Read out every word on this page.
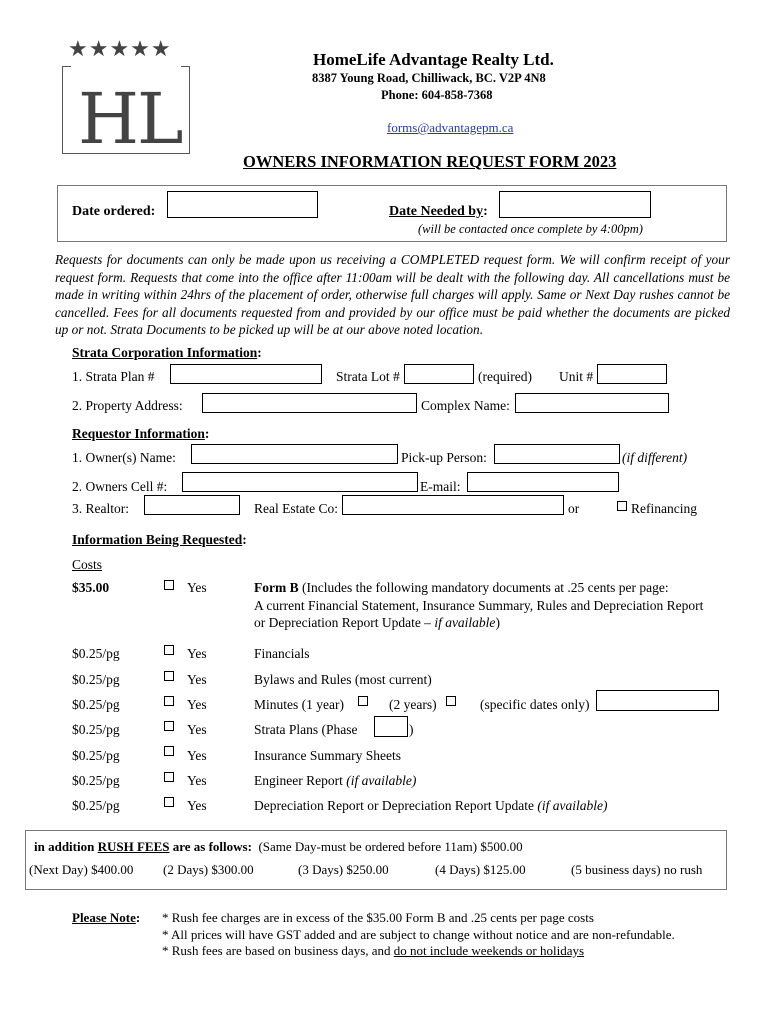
★★★★★
HL
HomeLife Advantage Realty Ltd.
8387 Young Road, Chilliwack, BC. V2P 4N8
Phone: 604-858-7368
forms@advantagepm.ca
OWNERS INFORMATION REQUEST FORM 2023
Date ordered:	Date Needed by:
(will be contacted once complete by 4:00pm)
Requests for documents can only be made upon us receiving a COMPLETED request form. We will confirm receipt of your request form. Requests that come into the office after 11:00am will be dealt with the following day. All cancellations must be made in writing within 24hrs of the placement of order, otherwise full charges will apply. Same or Next Day rushes cannot be cancelled. Fees for all documents requested from and provided by our office must be paid whether the documents are picked up or not. Strata Documents to be picked up will be at our above noted location.
Strata Corporation Information:
1. Strata Plan #	Strata Lot #	(required) Unit #
2. Property Address:	Complex Name:
Requestor Information:
1. Owner(s) Name:	Pick-up Person:	(if different)
2. Owners Cell #:	E-mail:
3. Realtor:	Real Estate Co:	or	Refinancing
Information Being Requested:
Costs
$35.00	Yes	Form B (Includes the following mandatory documents at .25 cents per page:
A current Financial Statement, Insurance Summary, Rules and Depreciation Report
or Depreciation Report Update – if available)
$0.25/pg	Yes	Financials
$0.25/pg	Yes	Bylaws and Rules (most current)
$0.25/pg	Yes	Minutes (1 year)	(2 years)	(specific dates only)
$0.25/pg	Yes	Strata Plans (Phase	)
$0.25/pg	Yes	Insurance Summary Sheets
$0.25/pg	Yes	Engineer Report (if available)
$0.25/pg	Yes	Depreciation Report or Depreciation Report Update (if available)
in addition RUSH FEES are as follows: (Same Day-must be ordered before 11am) $500.00
(Next Day) $400.00 (2 Days) $300.00	(3 Days) $250.00	(4 Days) $125.00	(5 business days) no rush
Please Note: * Rush fee charges are in excess of the $35.00 Form B and .25 cents per page costs
* All prices will have GST added and are subject to change without notice and are non-refundable.
* Rush fees are based on business days, and do not include weekends or holidays
